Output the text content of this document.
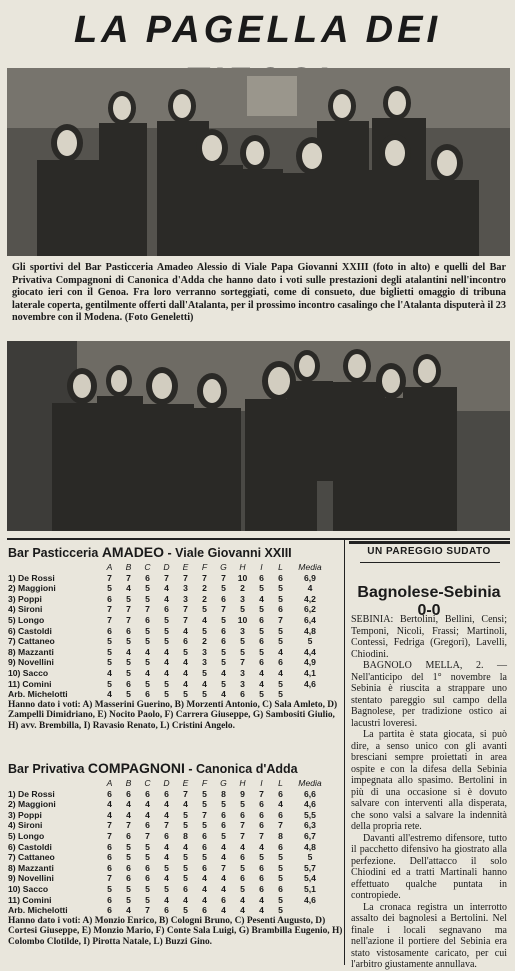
LA PAGELLA DEI
Gli sportivi del Bar Pasticceria Amadeo Alessio di Viale Papa Giovanni XXIII (foto in alto) e quelli del Bar Privativa Compagnoni di Canonica d'Adda che hanno dato i voti sulle prestazioni degli atalantini nell'incontro giocato ieri con il Genoa. Fra loro verranno sorteggiati, come di consueto, due biglietti omaggio di tribuna laterale coperta, gentilmente offerti dall'Atalanta, per il prossimo incontro casalingo che l'Atalanta disputerà il 23 novembre con il Modena. (Foto Geneletti)
Bar Pasticceria AMADEO - Viale Giovanni XXIII
	A	B	C	D	E	F	G	H	I	L	Media
1) De Rossi	7	7	6	7	7	7	7	10	6	6	6,9
2) Maggioni	5	4	5	4	3	2	5	2	5	5	4
3) Poppi	6	5	5	4	3	2	6	3	4	5	4,2
4) Sironi	7	7	7	6	7	5	7	5	5	6	6,2
5) Longo	7	7	6	5	7	4	5	10	6	7	6,4
6) Castoldi	6	6	5	5	4	5	6	3	5	5	4,8
7) Cattaneo	5	5	5	5	6	2	6	5	6	5	5
8) Mazzanti	5	4	4	4	5	3	5	5	5	4	4,4
9) Novellini	5	5	5	4	4	3	5	7	6	6	4,9
10) Sacco	4	5	4	4	4	5	4	3	4	4	4,1
11) Comini	5	6	5	5	4	4	5	3	4	5	4,6
Arb. Michelotti	4	5	6	5	5	5	4	6	5	5	
Hanno dato i voti: A) Masserini Guerino, B) Morzenti Antonio, C) Sala Amleto, D) Zampelli Dimidriano, E) Nocito Paolo, F) Carrera Giuseppe, G) Sambositi Giulio, H) avv. Brembilla, I) Ravasio Renato, L) Cristini Angelo.
Bar Privativa COMPAGNONI - Canonica d'Adda
	A	B	C	D	E	F	G	H	I	L	Media
1) De Rossi	6	6	6	6	7	5	8	9	7	6	6,6
2) Maggioni	4	4	4	4	4	5	5	5	6	4	4,6
3) Poppi	4	4	4	4	5	7	6	6	6	6	5,5
4) Sironi	7	7	6	7	5	5	6	7	6	7	6,3
5) Longo	7	6	7	6	8	6	5	7	7	8	6,7
6) Castoldi	6	5	5	4	4	6	4	4	4	6	4,8
7) Cattaneo	6	5	5	4	5	5	4	6	5	5	5
8) Mazzanti	6	6	6	5	5	6	7	5	6	5	5,7
9) Novellini	7	6	6	4	5	4	4	6	6	5	5,4
10) Sacco	5	5	5	5	6	4	4	5	6	6	5,1
11) Comini	6	5	5	4	4	4	6	4	4	5	4,6
Arb. Michelotti	6	4	7	6	5	6	4	4	4	5	
Hanno dato i voti: A) Monzio Enrico, B) Cologni Bruno, C) Pesenti Augusto, D) Cortesi Giuseppe, E) Monzio Mario, F) Conte Sala Luigi, G) Brambilla Eugenio, H) Colombo Clotilde, I) Pirotta Natale, L) Buzzi Gino.
UN PAREGGIO SUDATO
Bagnolese-Sebinia 0-0

SEBINIA: Bertolini, Bellini, Censi; Temponi, Nicoli, Frassi; Martinoli, Contessi, Fedriga (Gregori), Lavelli, Chiodini.

BAGNOLO MELLA, 2. — Nell'anticipo del 1° novembre la Sebinia è riuscita a strappare uno stentato pareggio sul campo della Bagnolese, per tradizione ostico ai lacustri loveresi.

La partita è stata giocata, si può dire, a senso unico con gli avanti bresciani sempre proiettati in area ospite e con la difesa della Sebinia impegnata allo spasimo. Bertolini in più di una occasione si è dovuto salvare con interventi alla disperata, che sono valsi a salvare la indennità della propria rete.

Davanti all'estremo difensore, tutto il pacchetto difensivo ha giostrato alla perfezione. Dell'attacco il solo Chiodini ed a tratti Martinali hanno effettuato qualche puntata in contropiede.

La cronaca registra un interrotto assalto dei bagnolesi a Bertolini. Nel finale i locali segnavano ma nell'azione il portiere del Sebinia era stato vistosamente caricato, per cui l'arbitro giustamente annullava.
